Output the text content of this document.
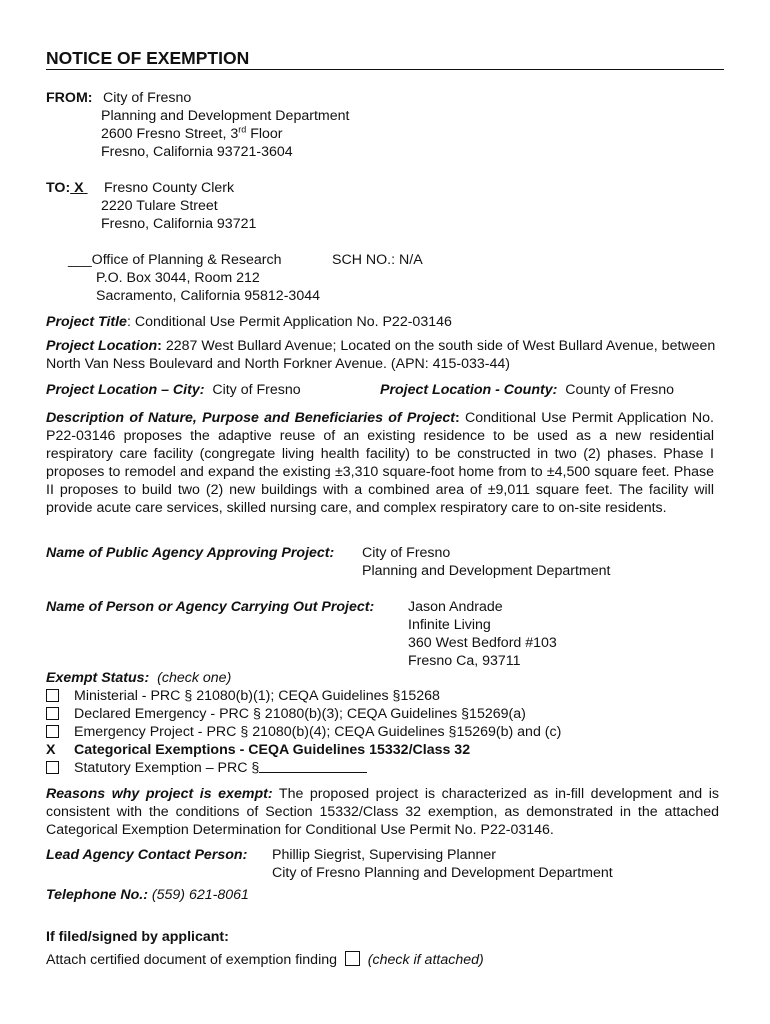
NOTICE OF EXEMPTION
FROM: City of Fresno
Planning and Development Department
2600 Fresno Street, 3rd Floor
Fresno, California 93721-3604
TO: X Fresno County Clerk
2220 Tulare Street
Fresno, California 93721
___Office of Planning & Research	SCH NO.: N/A
P.O. Box 3044, Room 212
Sacramento, California 95812-3044
Project Title: Conditional Use Permit Application No. P22-03146
Project Location: 2287 West Bullard Avenue; Located on the south side of West Bullard Avenue, between North Van Ness Boulevard and North Forkner Avenue. (APN: 415-033-44)
Project Location – City: City of Fresno	Project Location - County: County of Fresno
Description of Nature, Purpose and Beneficiaries of Project: Conditional Use Permit Application No. P22-03146 proposes the adaptive reuse of an existing residence to be used as a new residential respiratory care facility (congregate living health facility) to be constructed in two (2) phases. Phase I proposes to remodel and expand the existing ±3,310 square-foot home from to ±4,500 square feet. Phase II proposes to build two (2) new buildings with a combined area of ±9,011 square feet. The facility will provide acute care services, skilled nursing care, and complex respiratory care to on-site residents.
Name of Public Agency Approving Project: City of Fresno
Planning and Development Department
Name of Person or Agency Carrying Out Project: Jason Andrade
Infinite Living
360 West Bedford #103
Fresno Ca, 93711
Exempt Status: (check one)
Ministerial - PRC § 21080(b)(1); CEQA Guidelines §15268
Declared Emergency - PRC § 21080(b)(3); CEQA Guidelines §15269(a)
Emergency Project - PRC § 21080(b)(4); CEQA Guidelines §15269(b) and (c)
X Categorical Exemptions - CEQA Guidelines 15332/Class 32
Statutory Exemption – PRC §
Reasons why project is exempt: The proposed project is characterized as in-fill development and is consistent with the conditions of Section 15332/Class 32 exemption, as demonstrated in the attached Categorical Exemption Determination for Conditional Use Permit No. P22-03146.
Lead Agency Contact Person: Phillip Siegrist, Supervising Planner
City of Fresno Planning and Development Department
Telephone No.: (559) 621-8061
If filed/signed by applicant:
Attach certified document of exemption finding (check if attached)
